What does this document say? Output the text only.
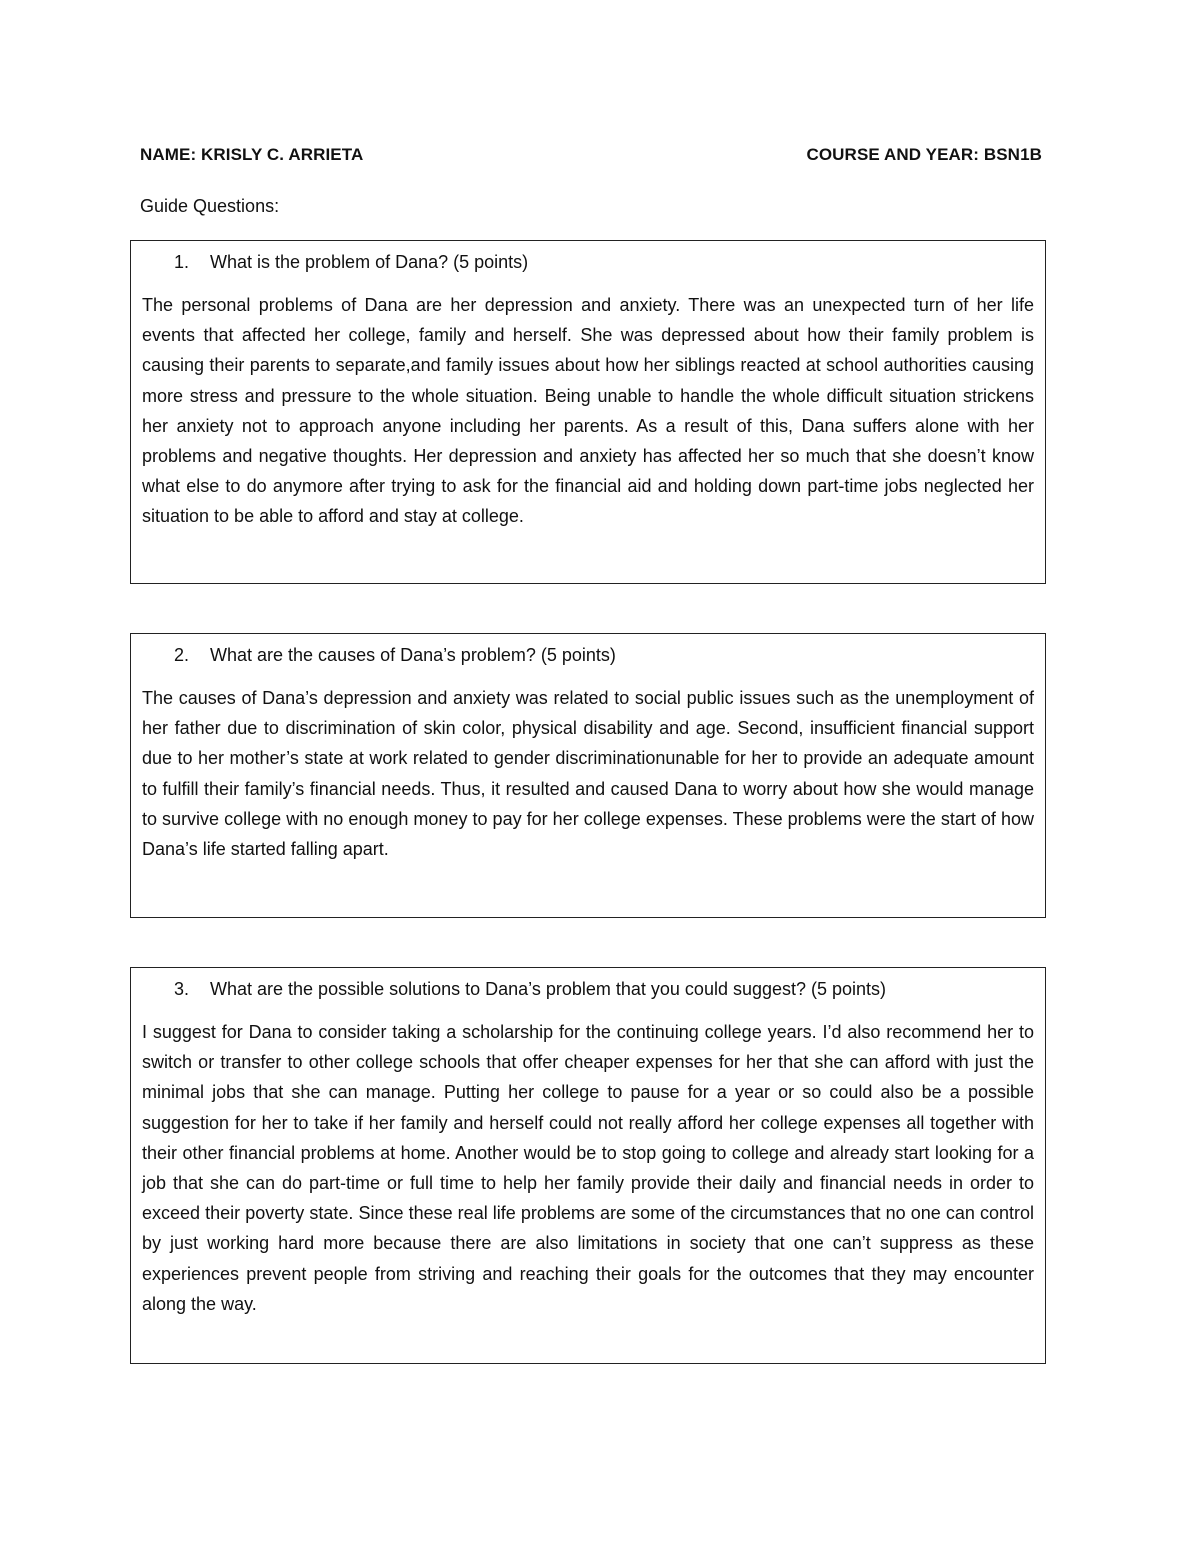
NAME: KRISLY C. ARRIETA	COURSE AND YEAR: BSN1B
Guide Questions:
1. What is the problem of Dana? (5 points)

The personal problems of Dana are her depression and anxiety. There was an unexpected turn of her life events that affected her college, family and herself. She was depressed about how their family problem is causing their parents to separate,and family issues about how her siblings reacted at school authorities causing more stress and pressure to the whole situation. Being unable to handle the whole difficult situation strickens her anxiety not to approach anyone including her parents. As a result of this, Dana suffers alone with her problems and negative thoughts. Her depression and anxiety has affected her so much that she doesn’t know what else to do anymore after trying to ask for the financial aid and holding down part-time jobs neglected her situation to be able to afford and stay at college.

2. What are the causes of Dana’s problem? (5 points)

The causes of Dana’s depression and anxiety was related to social public issues such as the unemployment of her father due to discrimination of skin color, physical disability and age. Second, insufficient financial support due to her mother’s state at work related to gender discriminationunable for her to provide an adequate amount to fulfill their family’s financial needs. Thus, it resulted and caused Dana to worry about how she would manage to survive college with no enough money to pay for her college expenses. These problems were the start of how Dana’s life started falling apart.

3. What are the possible solutions to Dana’s problem that you could suggest? (5 points)

I suggest for Dana to consider taking a scholarship for the continuing college years. I’d also recommend her to switch or transfer to other college schools that offer cheaper expenses for her that she can afford with just the minimal jobs that she can manage. Putting her college to pause for a year or so could also be a possible suggestion for her to take if her family and herself could not really afford her college expenses all together with their other financial problems at home. Another would be to stop going to college and already start looking for a job that she can do part-time or full time to help her family provide their daily and financial needs in order to exceed their poverty state. Since these real life problems are some of the circumstances that no one can control by just working hard more because there are also limitations in society that one can’t suppress as these experiences prevent people from striving and reaching their goals for the outcomes that they may encounter along the way.
